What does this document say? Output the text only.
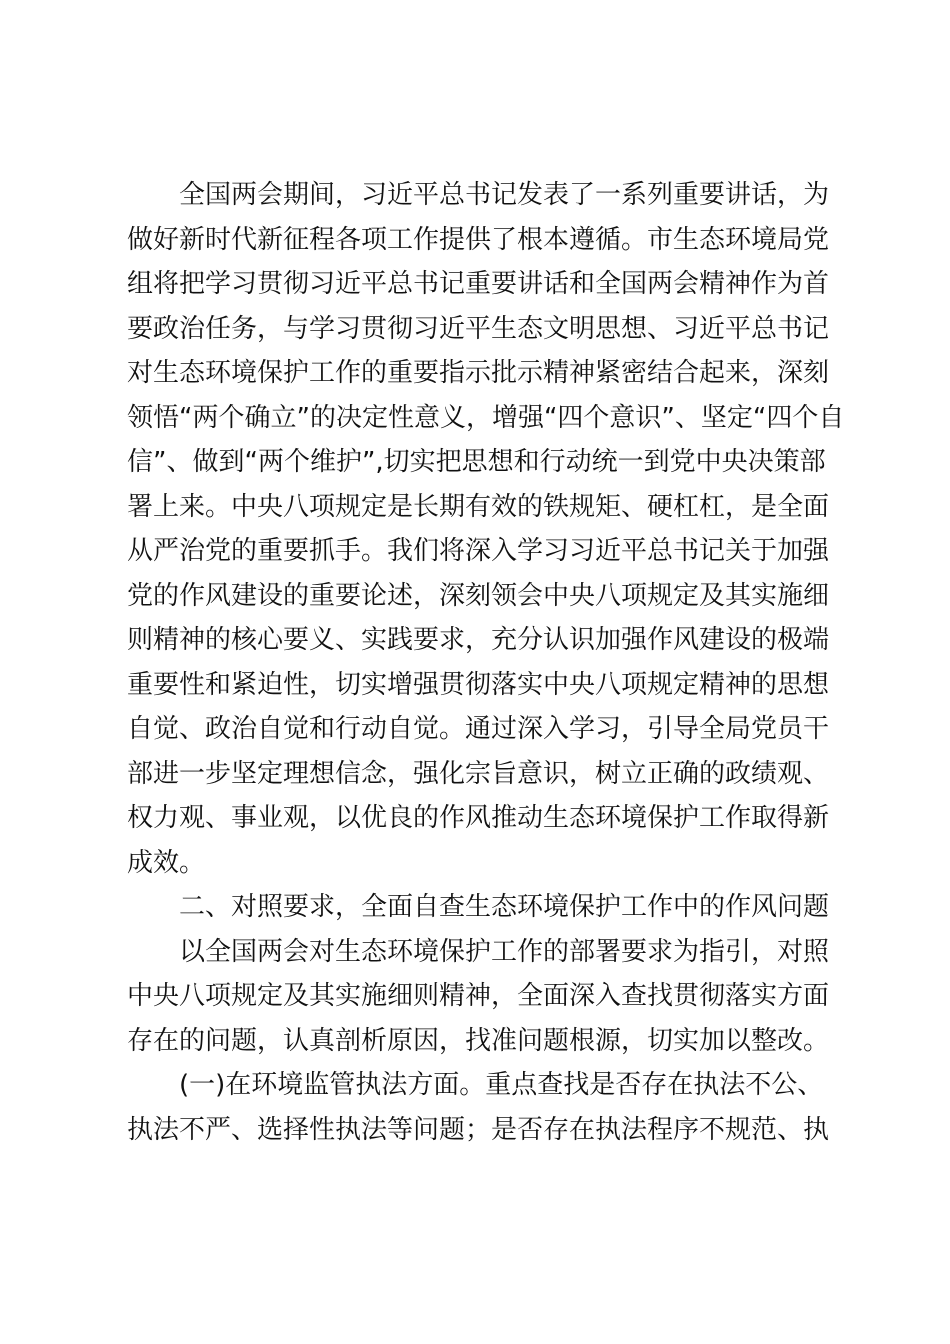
全国两会期间，习近平总书记发表了一系列重要讲话，为
做好新时代新征程各项工作提供了根本遵循。市生态环境局党
组将把学习贯彻习近平总书记重要讲话和全国两会精神作为首
要政治任务，与学习贯彻习近平生态文明思想、习近平总书记
对生态环境保护工作的重要指示批示精神紧密结合起来，深刻
领悟“两个确立”的决定性意义，增强“四个意识”、坚定“四个自
信”、做到“两个维护”,切实把思想和行动统一到党中央决策部
署上来。中央八项规定是长期有效的铁规矩、硬杠杠，是全面
从严治党的重要抓手。我们将深入学习习近平总书记关于加强
党的作风建设的重要论述，深刻领会中央八项规定及其实施细
则精神的核心要义、实践要求，充分认识加强作风建设的极端
重要性和紧迫性，切实增强贯彻落实中央八项规定精神的思想
自觉、政治自觉和行动自觉。通过深入学习，引导全局党员干
部进一步坚定理想信念，强化宗旨意识，树立正确的政绩观、
权力观、事业观，以优良的作风推动生态环境保护工作取得新
成效。
二、对照要求，全面自查生态环境保护工作中的作风问题
以全国两会对生态环境保护工作的部署要求为指引，对照
中央八项规定及其实施细则精神，全面深入查找贯彻落实方面
存在的问题，认真剖析原因，找准问题根源，切实加以整改。
(一)在环境监管执法方面。重点查找是否存在执法不公、
执法不严、选择性执法等问题；是否存在执法程序不规范、执
